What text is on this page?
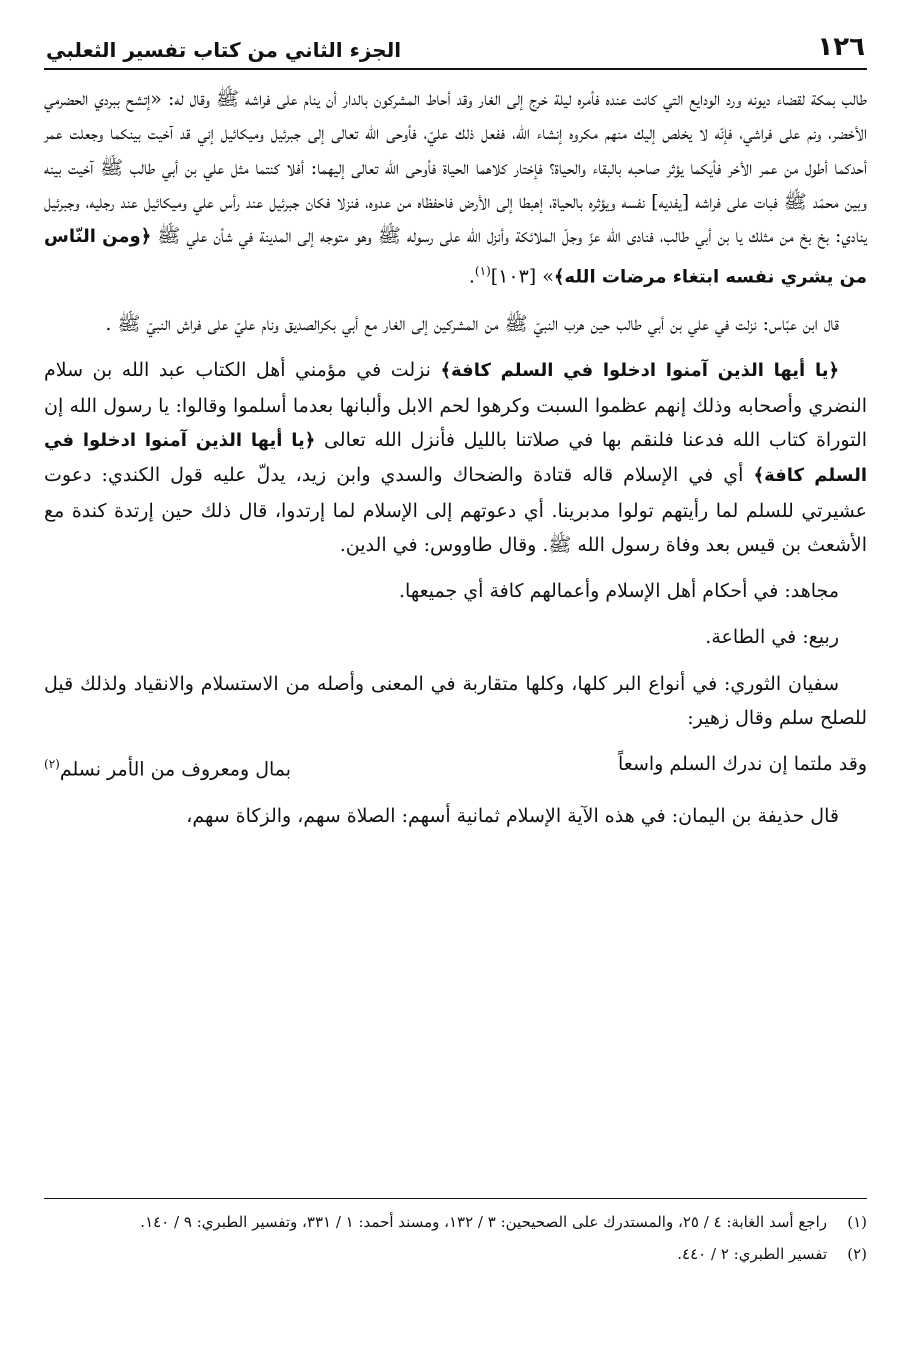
١٢٦
الجزء الثاني من كتاب تفسير الثعلبي

طالب بمكة لقضاء ديونه ورد الودايع التي كانت عنده فأمره ليلة خرج إلى الغار وقد أحاط المشركون بالدار أن ينام على فراشه ﷺ وقال له: «إتشح ببردي الحضرمي الأخضر، ونم على فراشي، فإنّه لا يخلص إليك منهم مكروه إنشاء الله، ففعل ذلك عليّ، فأوحى الله تعالى إلى جبرئيل وميكائيل إني قد آخيت بينكما وجعلت عمر أحدكما أطول من عمر الأخر فأيكما يؤثر صاحبه بالبقاء والحياة؟ فإختار كلاهما الحياة فأوحى الله تعالى إليهما: أفلا كنتما مثل علي بن أبي طالب ﷺ آخيت بينه وبين محمّد ﷺ فبات على فراشه [يفديه] نفسه ويؤثره بالحياة، إهبطا إلى الأرض فاحفظاه من عدوه، فنزلا فكان جبرئيل عند رأس علي وميكائيل عند رجليه، وجبرئيل ينادي: بخ بخ من مثلك يا بن أبي طالب، فنادى الله عزّ وجلّ الملائكة وأنزل الله على رسوله ﷺ وهو متوجه إلى المدينة في شأن علي ﷺ ﴿ومن النّاس من يشري نفسه ابتغاء مرضات الله﴾» [١٠٣]$^{(١)}$.

قال ابن عبّاس: نزلت في علي بن أبي طالب حين هرب النبيّ ﷺ من المشركين إلى الغار مع أبي بكرالصديق ونام عليّ على فراش النبيّ ﷺ .

﴿يا أيها الذين آمنوا ادخلوا في السلم كافة﴾ نزلت في مؤمني أهل الكتاب عبد الله بن سلام النضري وأصحابه وذلك إنهم عظموا السبت وكرهوا لحم الابل وألبانها بعدما أسلموا وقالوا: يا رسول الله إن التوراة كتاب الله فدعنا فلنقم بها في صلاتنا بالليل فأنزل الله تعالى ﴿يا أيها الذين آمنوا ادخلوا في السلم كافة﴾ أي في الإسلام قاله قتادة والضحاك والسدي وابن زيد، يدلّ عليه قول الكندي: دعوت عشيرتي للسلم لما رأيتهم تولوا مدبرينا. أي دعوتهم إلى الإسلام لما إرتدوا، قال ذلك حين إرتدة كندة مع الأشعث بن قيس بعد وفاة رسول الله ﷺ. وقال طاووس: في الدين.

مجاهد: في أحكام أهل الإسلام وأعمالهم كافة أي جميعها.

ربيع: في الطاعة.

سفيان الثوري: في أنواع البر كلها، وكلها متقاربة في المعنى وأصله من الاستسلام والانقياد ولذلك قيل للصلح سلم وقال زهير:

وقد ملتما إن ندرك السلم واسعاً
بمال ومعروف من الأمر نسلم$^{(٢)}$

قال حذيفة بن اليمان: في هذه الآية الإسلام ثمانية أسهم: الصلاة سهم، والزكاة سهم،

(١)
راجع أسد الغابة: ٤ / ٢٥، والمستدرك على الصحيحين: ٣ / ١٣٢، ومسند أحمد: ١ / ٣٣١، وتفسير الطبري: ٩ / ١٤٠.
(٢)
تفسير الطبري: ٢ / ٤٤٠.
